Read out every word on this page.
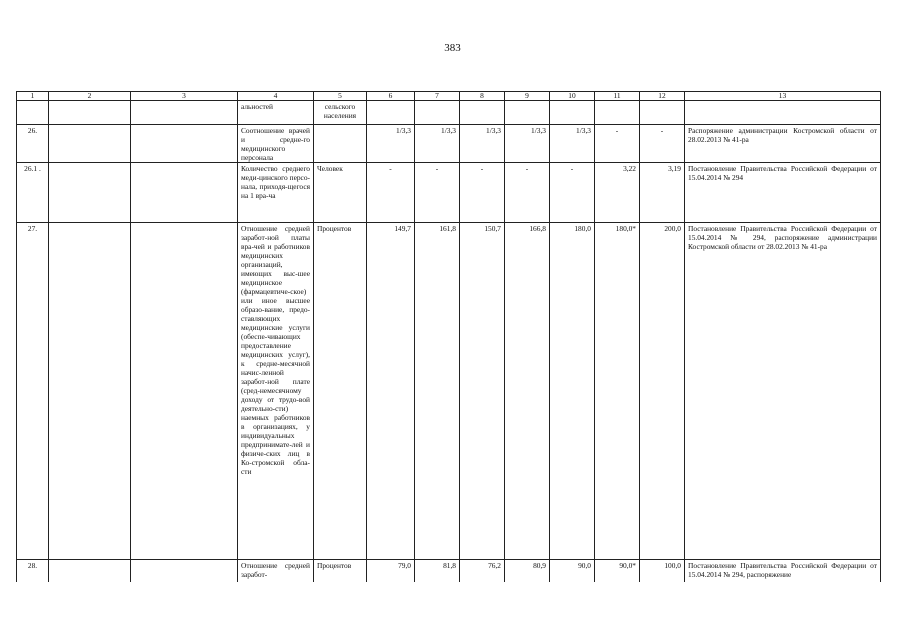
383
1	2	3	4	5	6	7	8	9	10	11	12	13
			альностей	сельского населения								
26.			Соотношение врачей и средне-го медицинского персонала		1/3,3	1/3,3	1/3,3	1/3,3	1/3,3	-	-	Распоряжение администрации Костромской области от 28.02.2013 № 41-ра
26.1 .			Количество среднего меди-цинского персо-нала, приходя-щегося на 1 вра-ча	Человек	-	-	-	-	-	3,22	3,19	Постановление Правительства Российской Федерации от 15.04.2014 № 294
27.			Отношение средней заработ-ной платы вра-чей и работников медицинских организаций, имеющих выс-шее медицинское (фармацевтиче-ское) или иное высшее образо-вание, предо-ставляющих медицинские услуги (обеспе-чивающих предоставление медицинских услуг), к средне-месячной начис-ленной заработ-ной плате (сред-немесячному доходу от трудо-вой деятельно-сти) наемных работников в организациях, у индивидуальных предпринимате-лей и физиче-ских лиц в Ко-стромской обла-сти	Процентов	149,7	161,8	150,7	166,8	180,0	180,0*	200,0	Постановление Правительства Российской Федерации от 15.04.2014 № 294, распоряжение администрации Костромской области от 28.02.2013 № 41-ра
28.			Отношение средней заработ-	Процентов	79,0	81,8	76,2	80,9	90,0	90,0*	100,0	Постановление Правительства Российской Федерации от 15.04.2014 № 294, распоряжение
